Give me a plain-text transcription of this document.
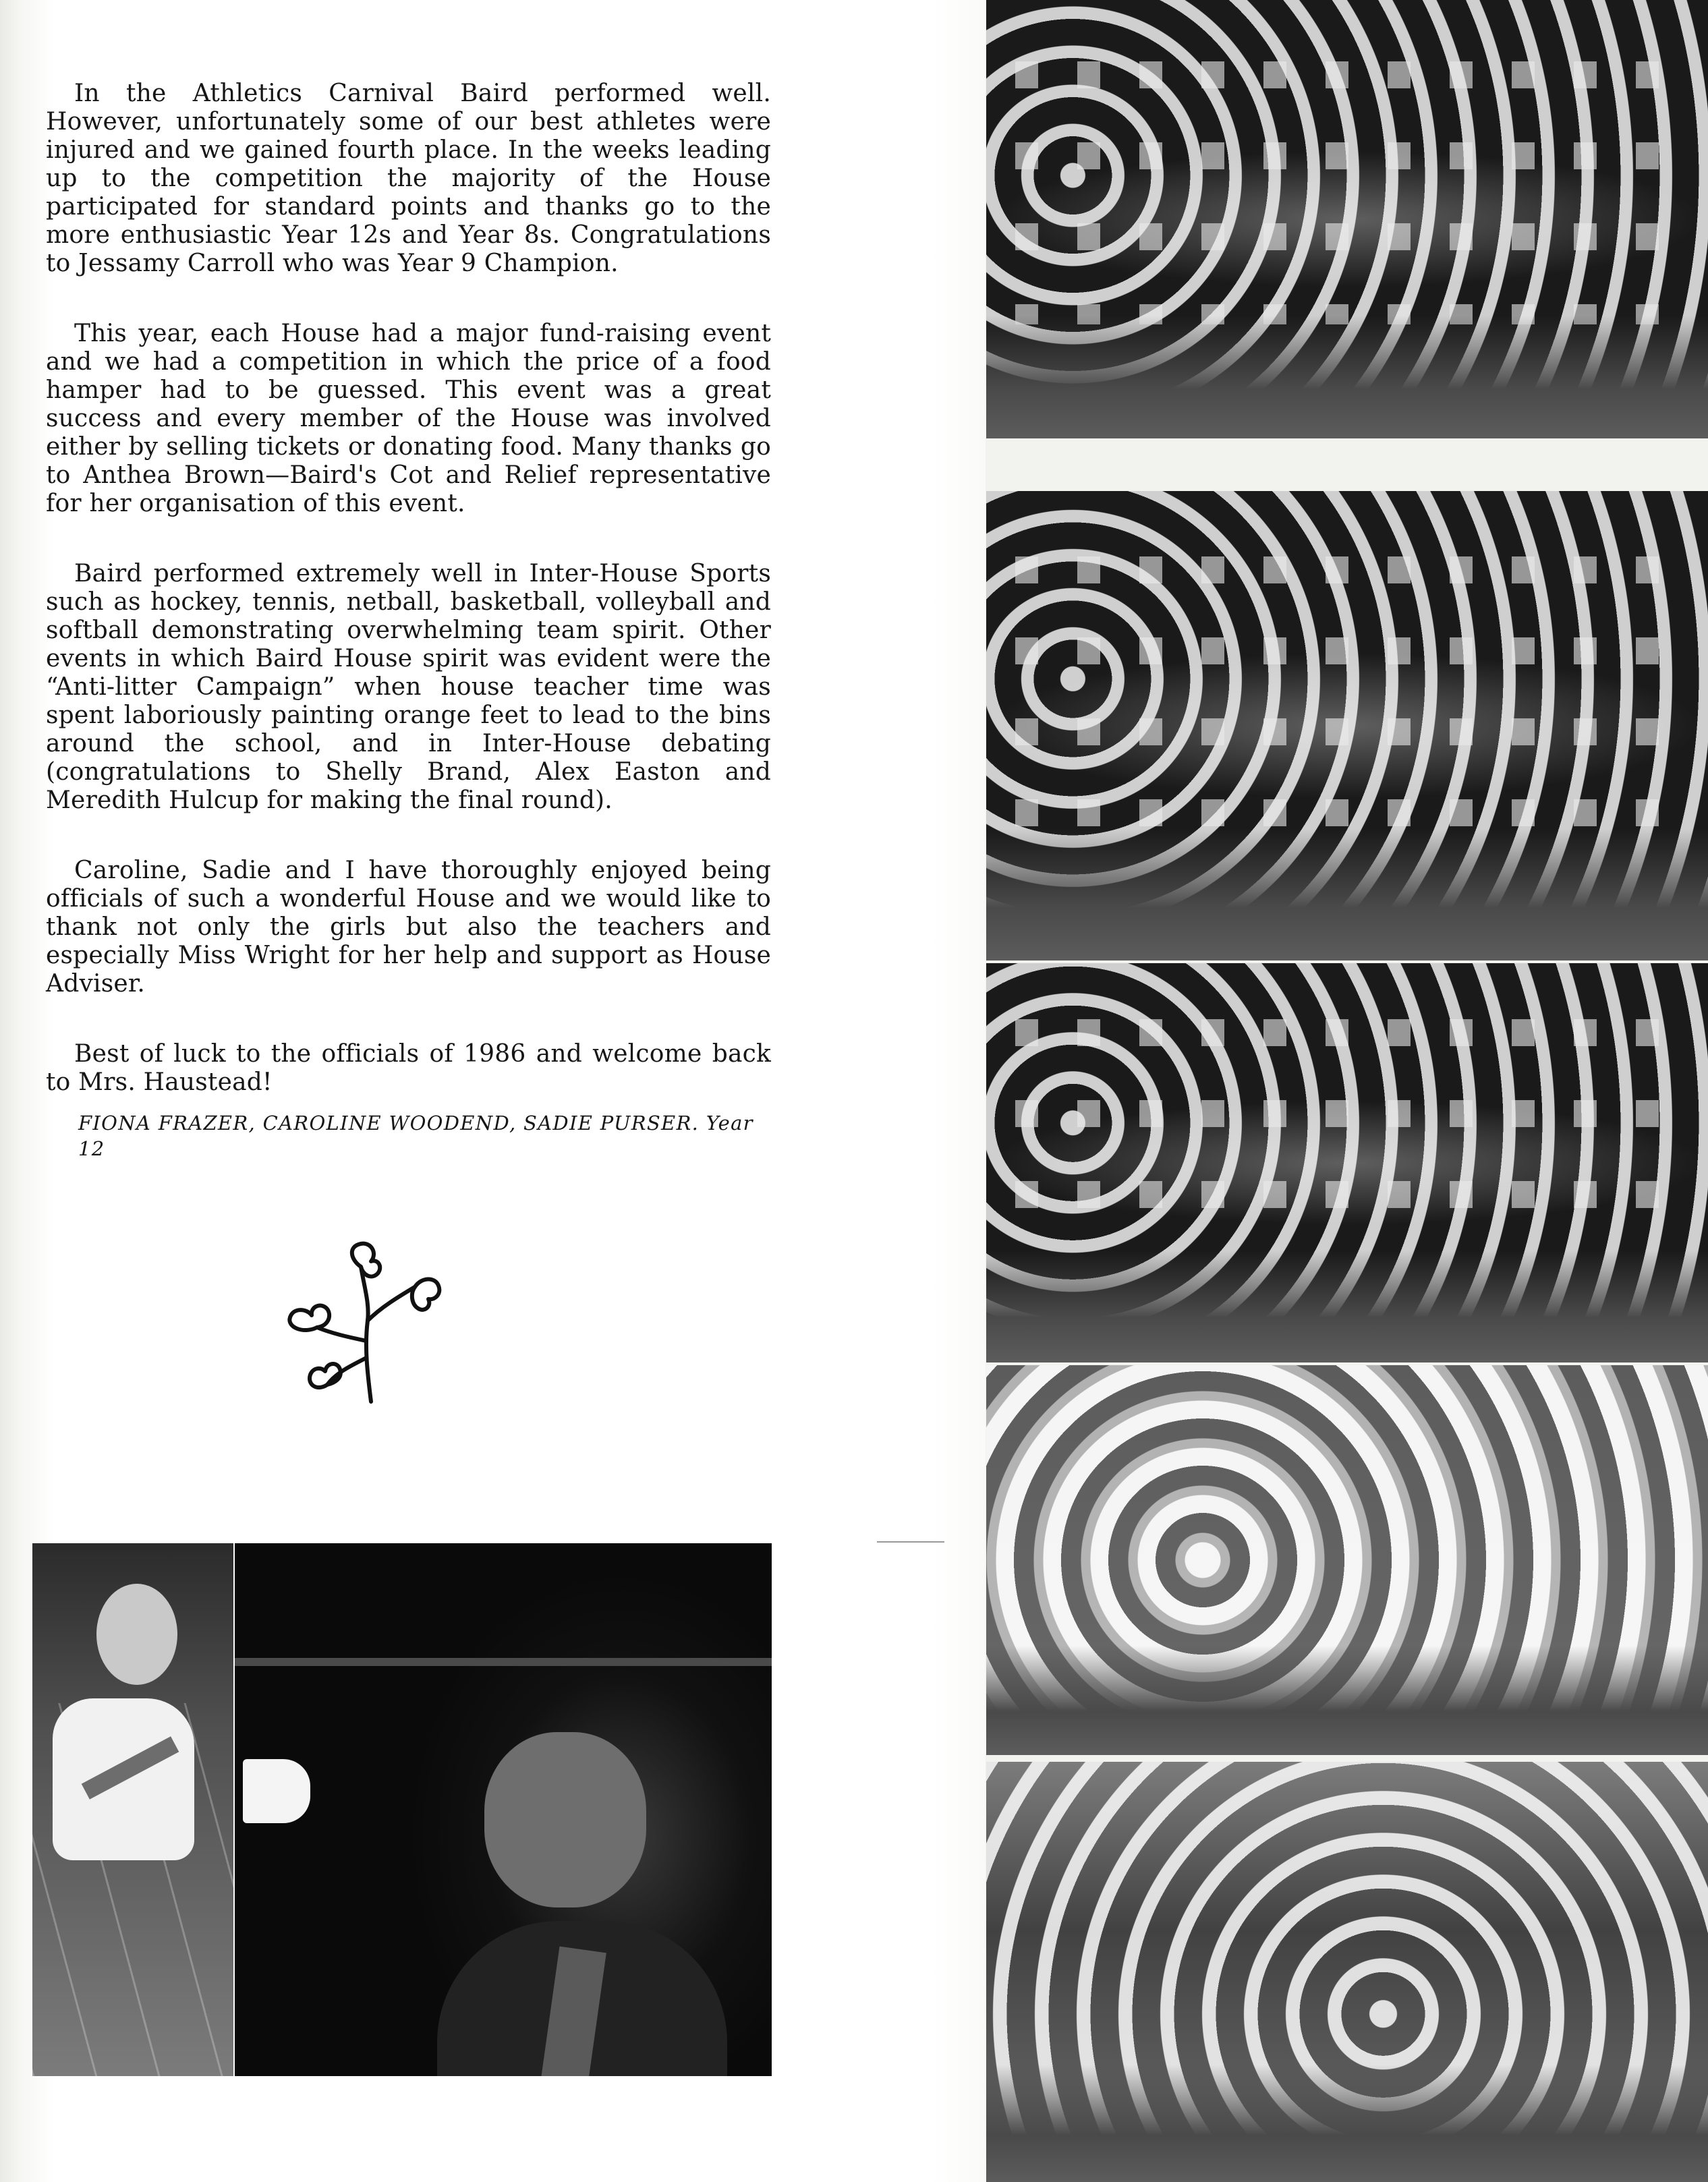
In the Athletics Carnival Baird performed well. However, unfortunately some of our best athletes were injured and we gained fourth place. In the weeks leading up to the competition the majority of the House participated for standard points and thanks go to the more enthusiastic Year 12s and Year 8s. Congratulations to Jessamy Carroll who was Year 9 Champion.

This year, each House had a major fund-raising event and we had a competition in which the price of a food hamper had to be guessed. This event was a great success and every member of the House was involved either by selling tickets or donating food. Many thanks go to Anthea Brown—Baird's Cot and Relief representative for her organisation of this event.

Baird performed extremely well in Inter-House Sports such as hockey, tennis, netball, basketball, volleyball and softball demonstrating overwhelming team spirit. Other events in which Baird House spirit was evident were the “Anti-litter Campaign” when house teacher time was spent laboriously painting orange feet to lead to the bins around the school, and in Inter-House debating (congratulations to Shelly Brand, Alex Easton and Meredith Hulcup for making the final round).

Caroline, Sadie and I have thoroughly enjoyed being officials of such a wonderful House and we would like to thank not only the girls but also the teachers and especially Miss Wright for her help and support as House Adviser.

Best of luck to the officials of 1986 and welcome back to Mrs. Haustead!

FIONA FRAZER, CAROLINE WOODEND, SADIE PURSER. Year 12
